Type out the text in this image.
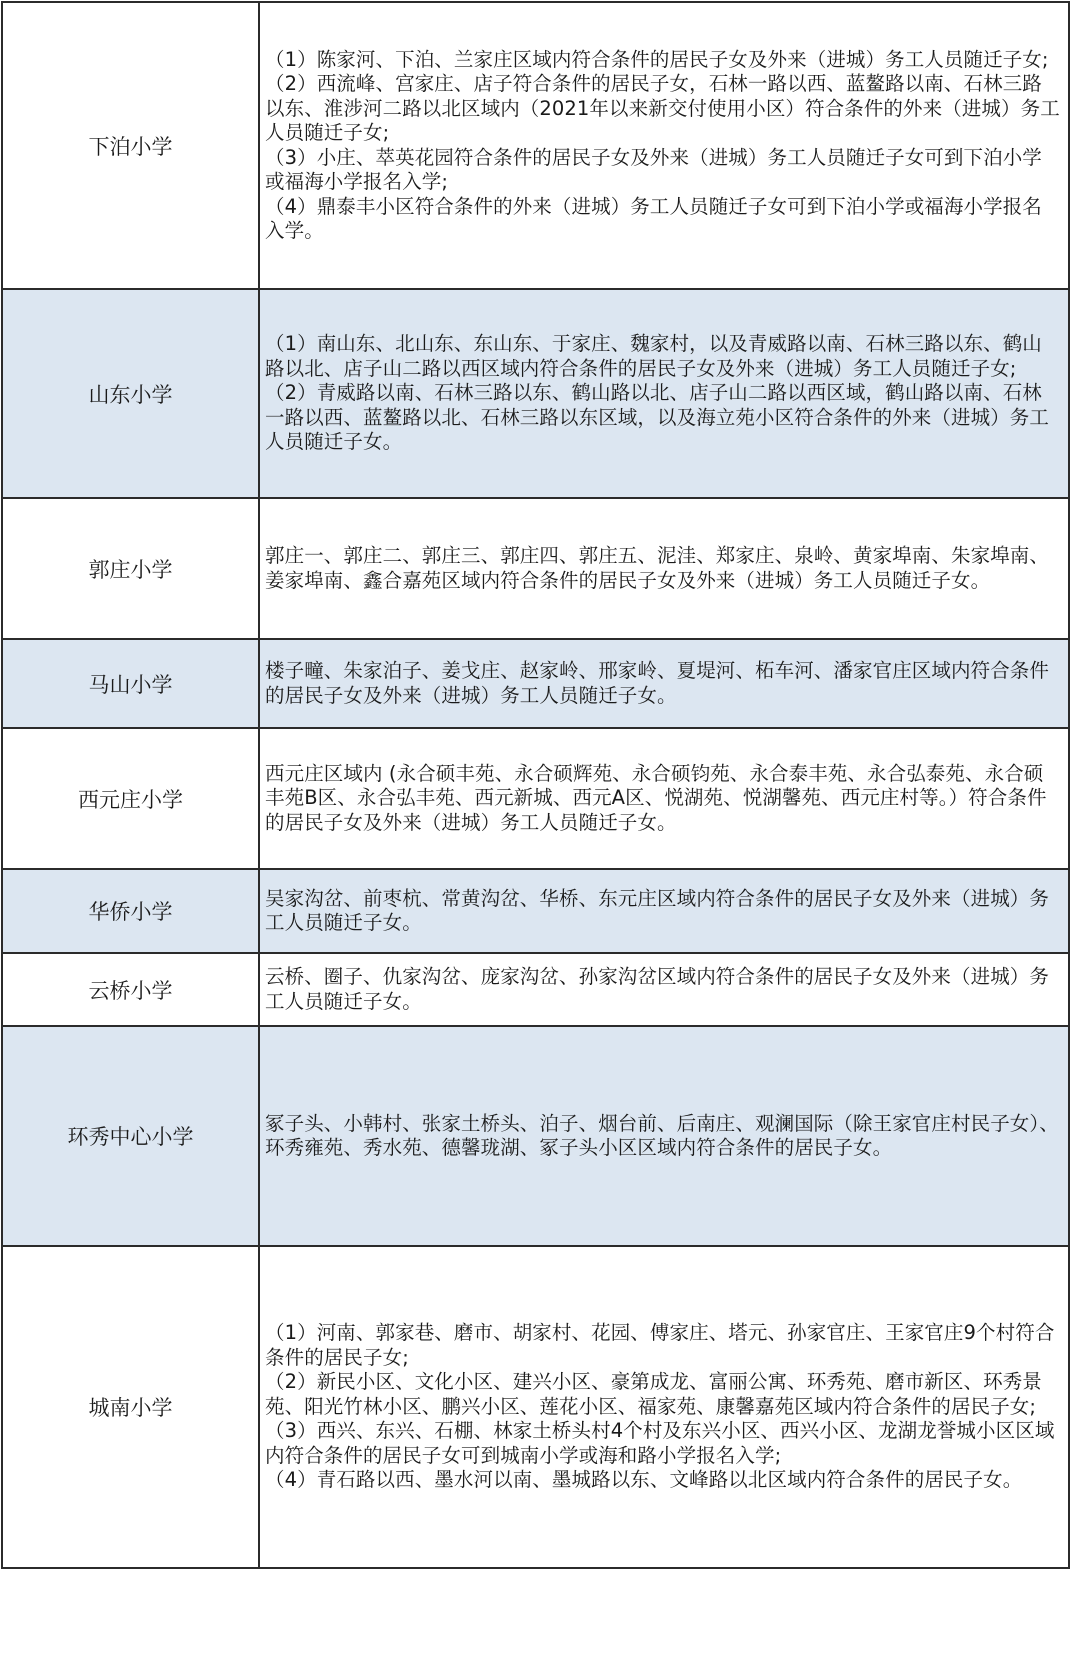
下泊小学	（1）陈家河、下泊、兰家庄区域内符合条件的居民子女及外来（进城）务工人员随迁子女;
（2）西流峰、宫家庄、店子符合条件的居民子女，石林一路以西、蓝鳌路以南、石林三路以东、淮涉河二路以北区域内（2021年以来新交付使用小区）符合条件的外来（进城）务工人员随迁子女;
（3）小庄、萃英花园符合条件的居民子女及外来（进城）务工人员随迁子女可到下泊小学或福海小学报名入学;
（4）鼎泰丰小区符合条件的外来（进城）务工人员随迁子女可到下泊小学或福海小学报名入学。

山东小学	（1）南山东、北山东、东山东、于家庄、魏家村，以及青威路以南、石林三路以东、鹤山路以北、店子山二路以西区域内符合条件的居民子女及外来（进城）务工人员随迁子女;
（2）青威路以南、石林三路以东、鹤山路以北、店子山二路以西区域，鹤山路以南、石林一路以西、蓝鳌路以北、石林三路以东区域，以及海立苑小区符合条件的外来（进城）务工人员随迁子女。

郭庄小学	郭庄一、郭庄二、郭庄三、郭庄四、郭庄五、泥洼、郑家庄、泉岭、黄家埠南、朱家埠南、姜家埠南、鑫合嘉苑区域内符合条件的居民子女及外来（进城）务工人员随迁子女。

马山小学	楼子疃、朱家泊子、姜戈庄、赵家岭、邢家岭、夏堤河、柘车河、潘家官庄区域内符合条件的居民子女及外来（进城）务工人员随迁子女。

西元庄小学	西元庄区域内 (永合硕丰苑、永合硕辉苑、永合硕钧苑、永合泰丰苑、永合弘泰苑、永合硕丰苑B区、永合弘丰苑、西元新城、西元A区、悦湖苑、悦湖馨苑、西元庄村等。）符合条件的居民子女及外来（进城）务工人员随迁子女。

华侨小学	吴家沟岔、前枣杭、常黄沟岔、华桥、东元庄区域内符合条件的居民子女及外来（进城）务工人员随迁子女。

云桥小学	云桥、圈子、仇家沟岔、庞家沟岔、孙家沟岔区域内符合条件的居民子女及外来（进城）务工人员随迁子女。

环秀中心小学	冢子头、小韩村、张家土桥头、泊子、烟台前、后南庄、观澜国际（除王家官庄村民子女）、环秀雍苑、秀水苑、德馨珑湖、冢子头小区区域内符合条件的居民子女。

城南小学	（1）河南、郭家巷、磨市、胡家村、花园、傅家庄、塔元、孙家官庄、王家官庄9个村符合条件的居民子女;
（2）新民小区、文化小区、建兴小区、豪第成龙、富丽公寓、环秀苑、磨市新区、环秀景苑、阳光竹林小区、鹏兴小区、莲花小区、福家苑、康馨嘉苑区域内符合条件的居民子女;
（3）西兴、东兴、石棚、林家土桥头村4个村及东兴小区、西兴小区、龙湖龙誉城小区区域内符合条件的居民子女可到城南小学或海和路小学报名入学;
（4）青石路以西、墨水河以南、墨城路以东、文峰路以北区域内符合条件的居民子女。
